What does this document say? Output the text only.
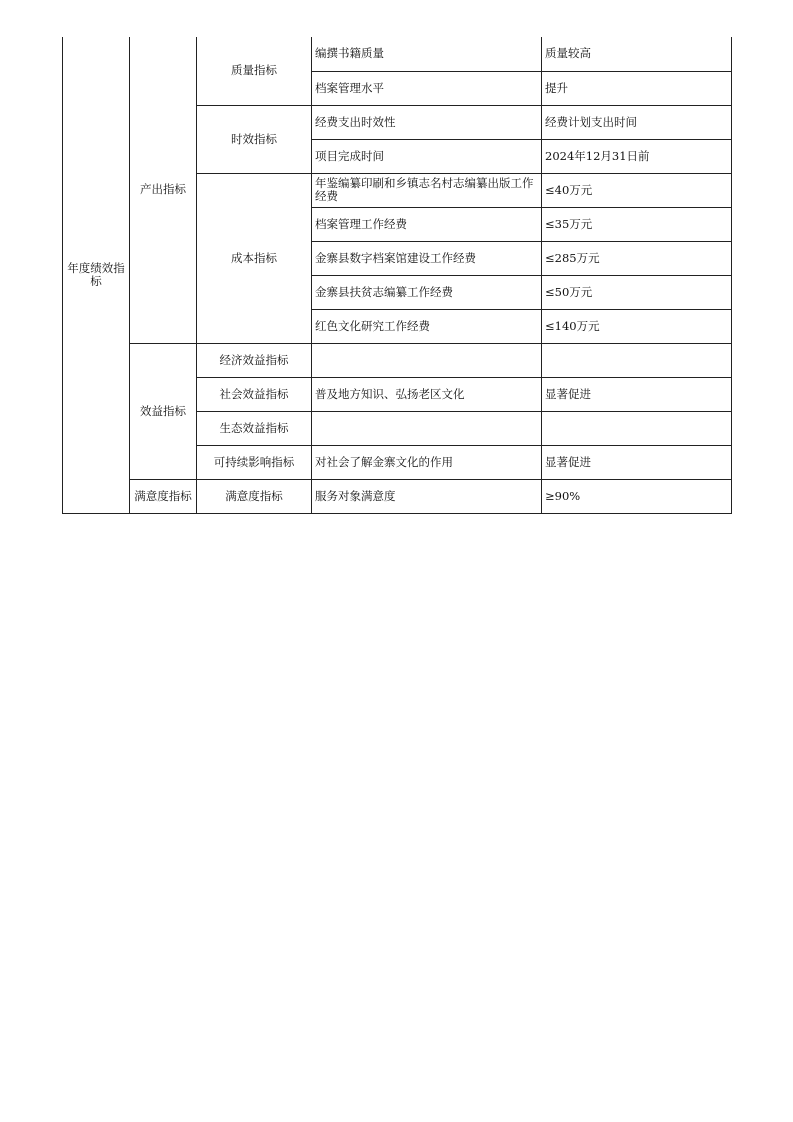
年度绩效指标	产出指标	质量指标	编撰书籍质量	质量较高
			档案管理水平	提升
		时效指标	经费支出时效性	经费计划支出时间
			项目完成时间	2024年12月31日前
		成本指标	年鉴编纂印刷和乡镇志名村志编纂出版工作经费	≤40万元
			档案管理工作经费	≤35万元
			金寨县数字档案馆建设工作经费	≤285万元
			金寨县扶贫志编纂工作经费	≤50万元
			红色文化研究工作经费	≤140万元
	效益指标	经济效益指标		
		社会效益指标	普及地方知识、弘扬老区文化	显著促进
		生态效益指标		
		可持续影响指标	对社会了解金寨文化的作用	显著促进
	满意度指标	满意度指标	服务对象满意度	≥90%
